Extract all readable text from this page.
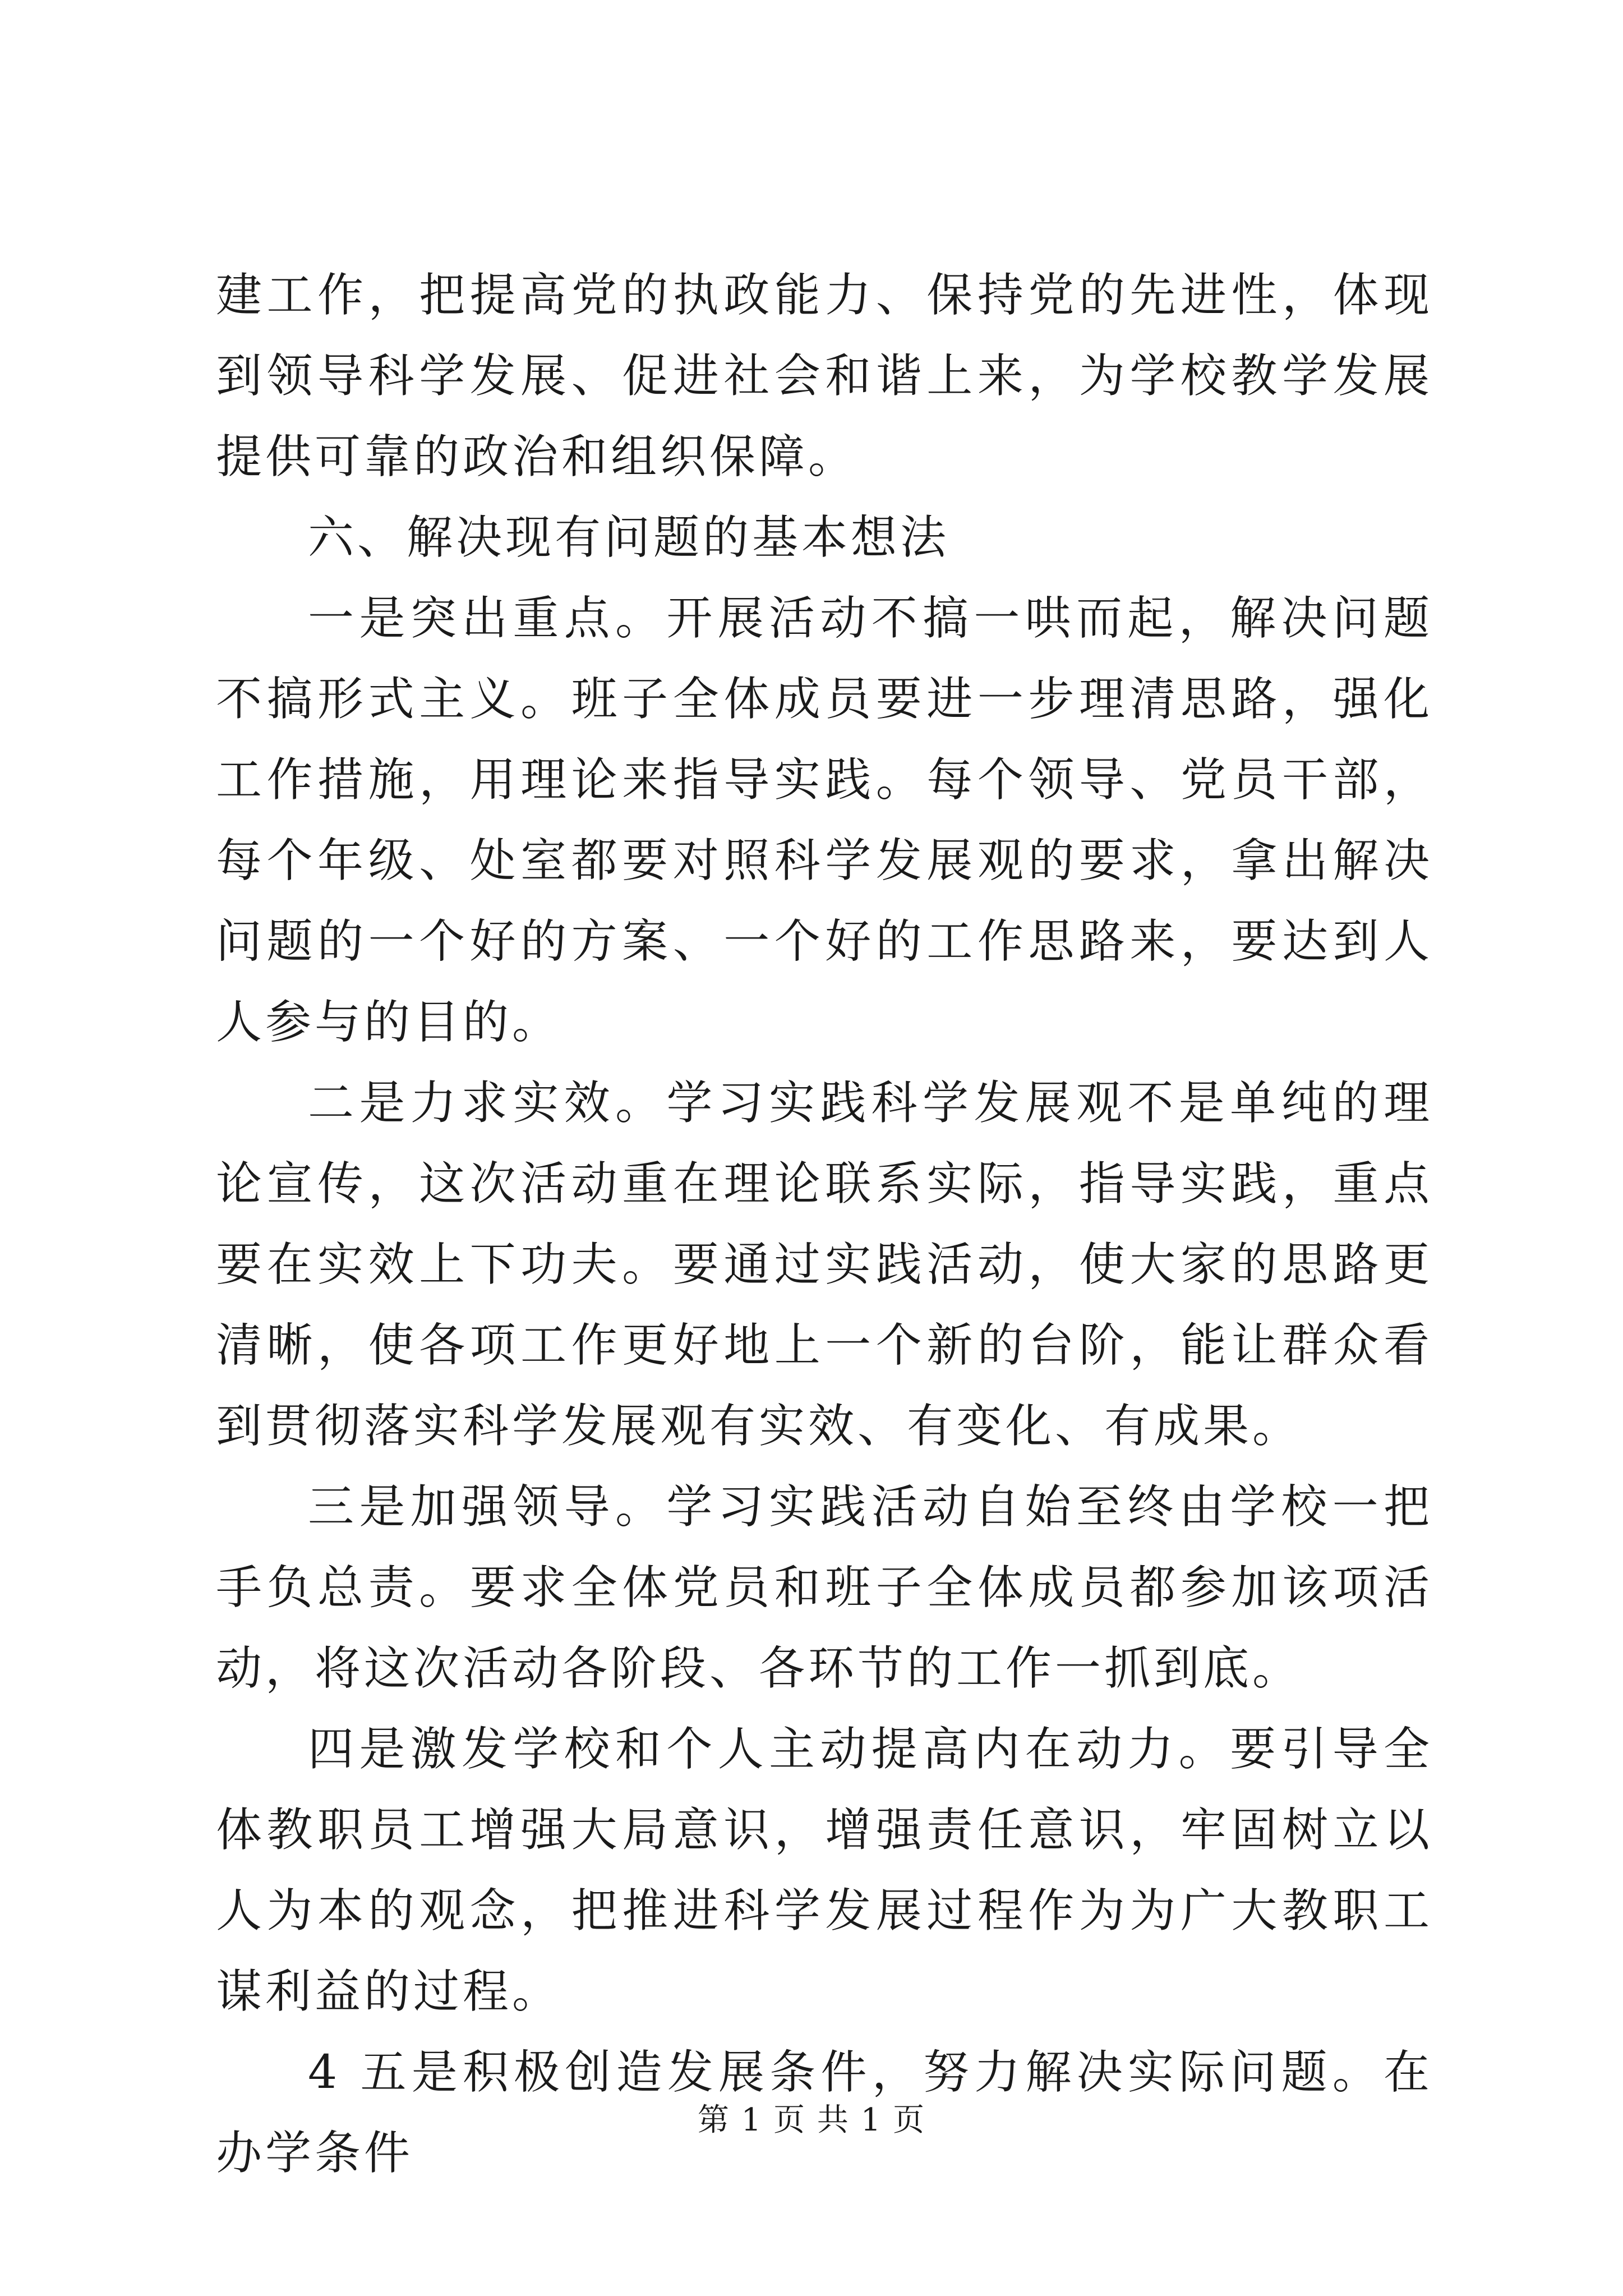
建工作，把提高党的执政能力、保持党的先进性，体现到领导科学发展、促进社会和谐上来，为学校教学发展提供可靠的政治和组织保障。

六、解决现有问题的基本想法

一是突出重点。开展活动不搞一哄而起，解决问题不搞形式主义。班子全体成员要进一步理清思路，强化工作措施，用理论来指导实践。每个领导、党员干部，每个年级、处室都要对照科学发展观的要求，拿出解决问题的一个好的方案、一个好的工作思路来，要达到人人参与的目的。

二是力求实效。学习实践科学发展观不是单纯的理论宣传，这次活动重在理论联系实际，指导实践，重点要在实效上下功夫。要通过实践活动，使大家的思路更清晰，使各项工作更好地上一个新的台阶，能让群众看到贯彻落实科学发展观有实效、有变化、有成果。

三是加强领导。学习实践活动自始至终由学校一把手负总责。要求全体党员和班子全体成员都参加该项活动，将这次活动各阶段、各环节的工作一抓到底。

四是激发学校和个人主动提高内在动力。要引导全体教职员工增强大局意识，增强责任意识，牢固树立以人为本的观念，把推进科学发展过程作为为广大教职工谋利益的过程。

4 五是积极创造发展条件，努力解决实际问题。在办学条件

第 1 页 共 1 页
